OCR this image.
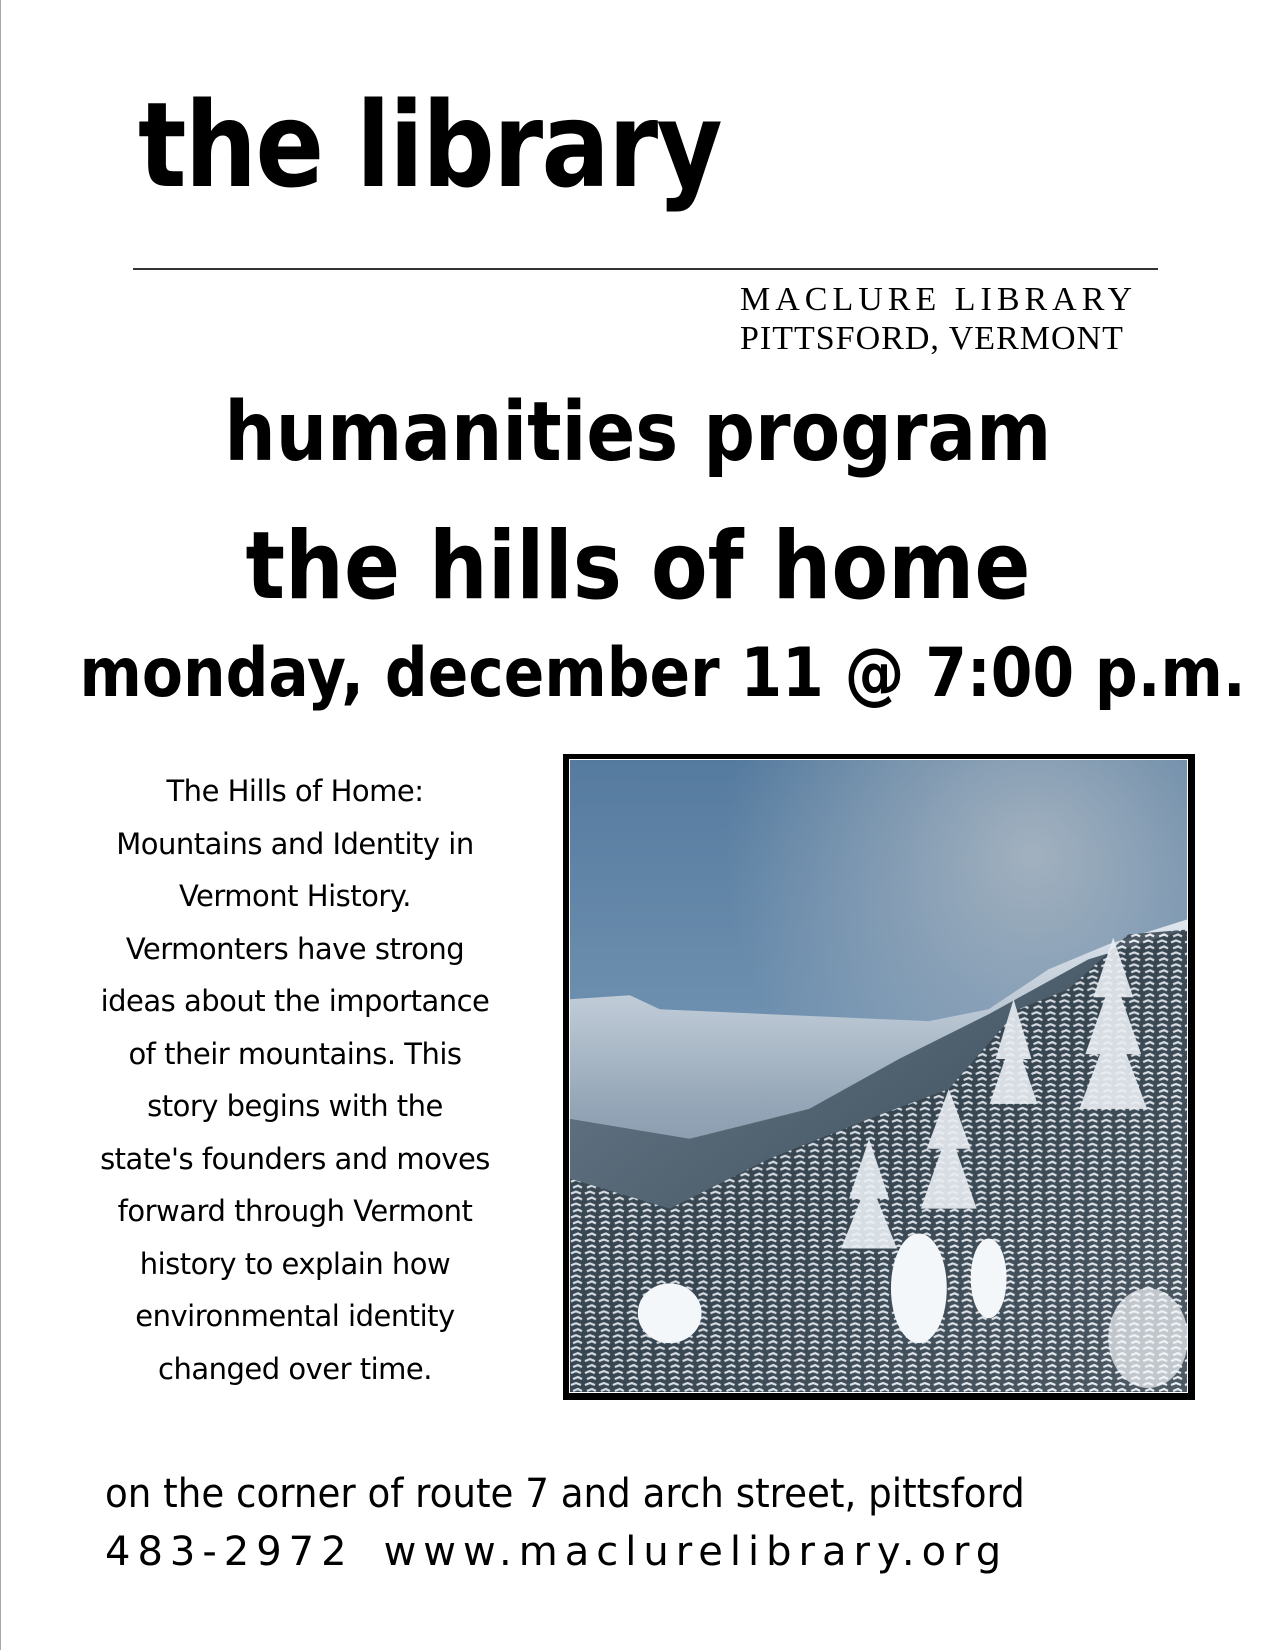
the library
MACLURE LIBRARY
PITTSFORD, VERMONT
humanities program
the hills of home
monday, december 11 @ 7:00 p.m.
The Hills of Home:
Mountains and Identity in
Vermont History.
Vermonters have strong
ideas about the importance
of their mountains. This
story begins with the
state's founders and moves
forward through Vermont
history to explain how
environmental identity
changed over time.
on the corner of route 7 and arch street, pittsford
483-2972 www.maclurelibrary.org
